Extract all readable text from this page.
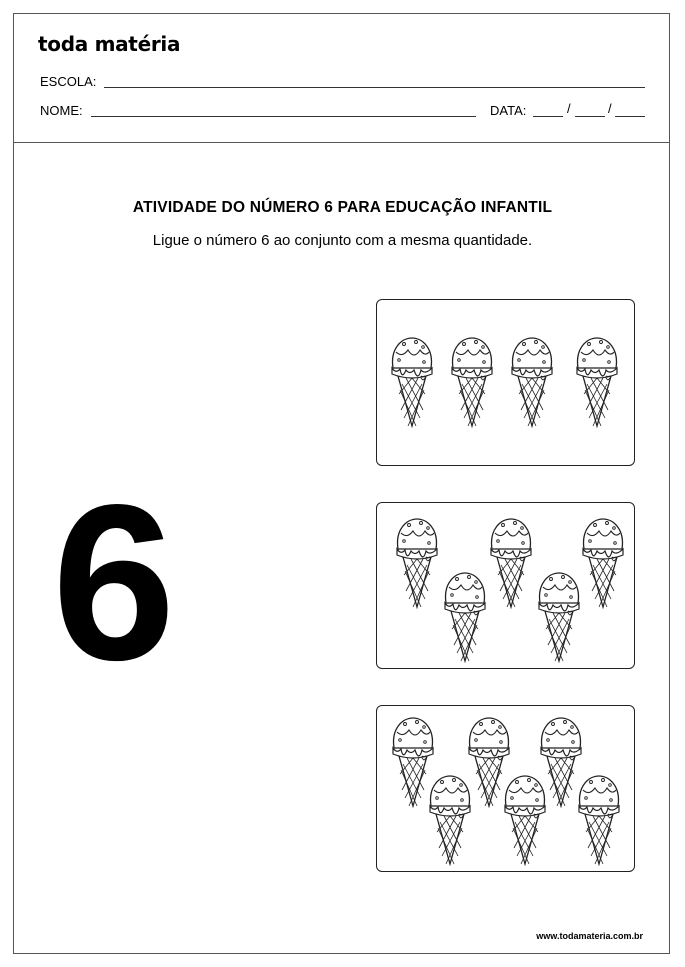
toda matéria
ESCOLA:
NOME:	DATA:	/	/
ATIVIDADE DO NÚMERO 6 PARA EDUCAÇÃO INFANTIL
Ligue o número 6 ao conjunto com a mesma quantidade.
6
www.todamateria.com.br
